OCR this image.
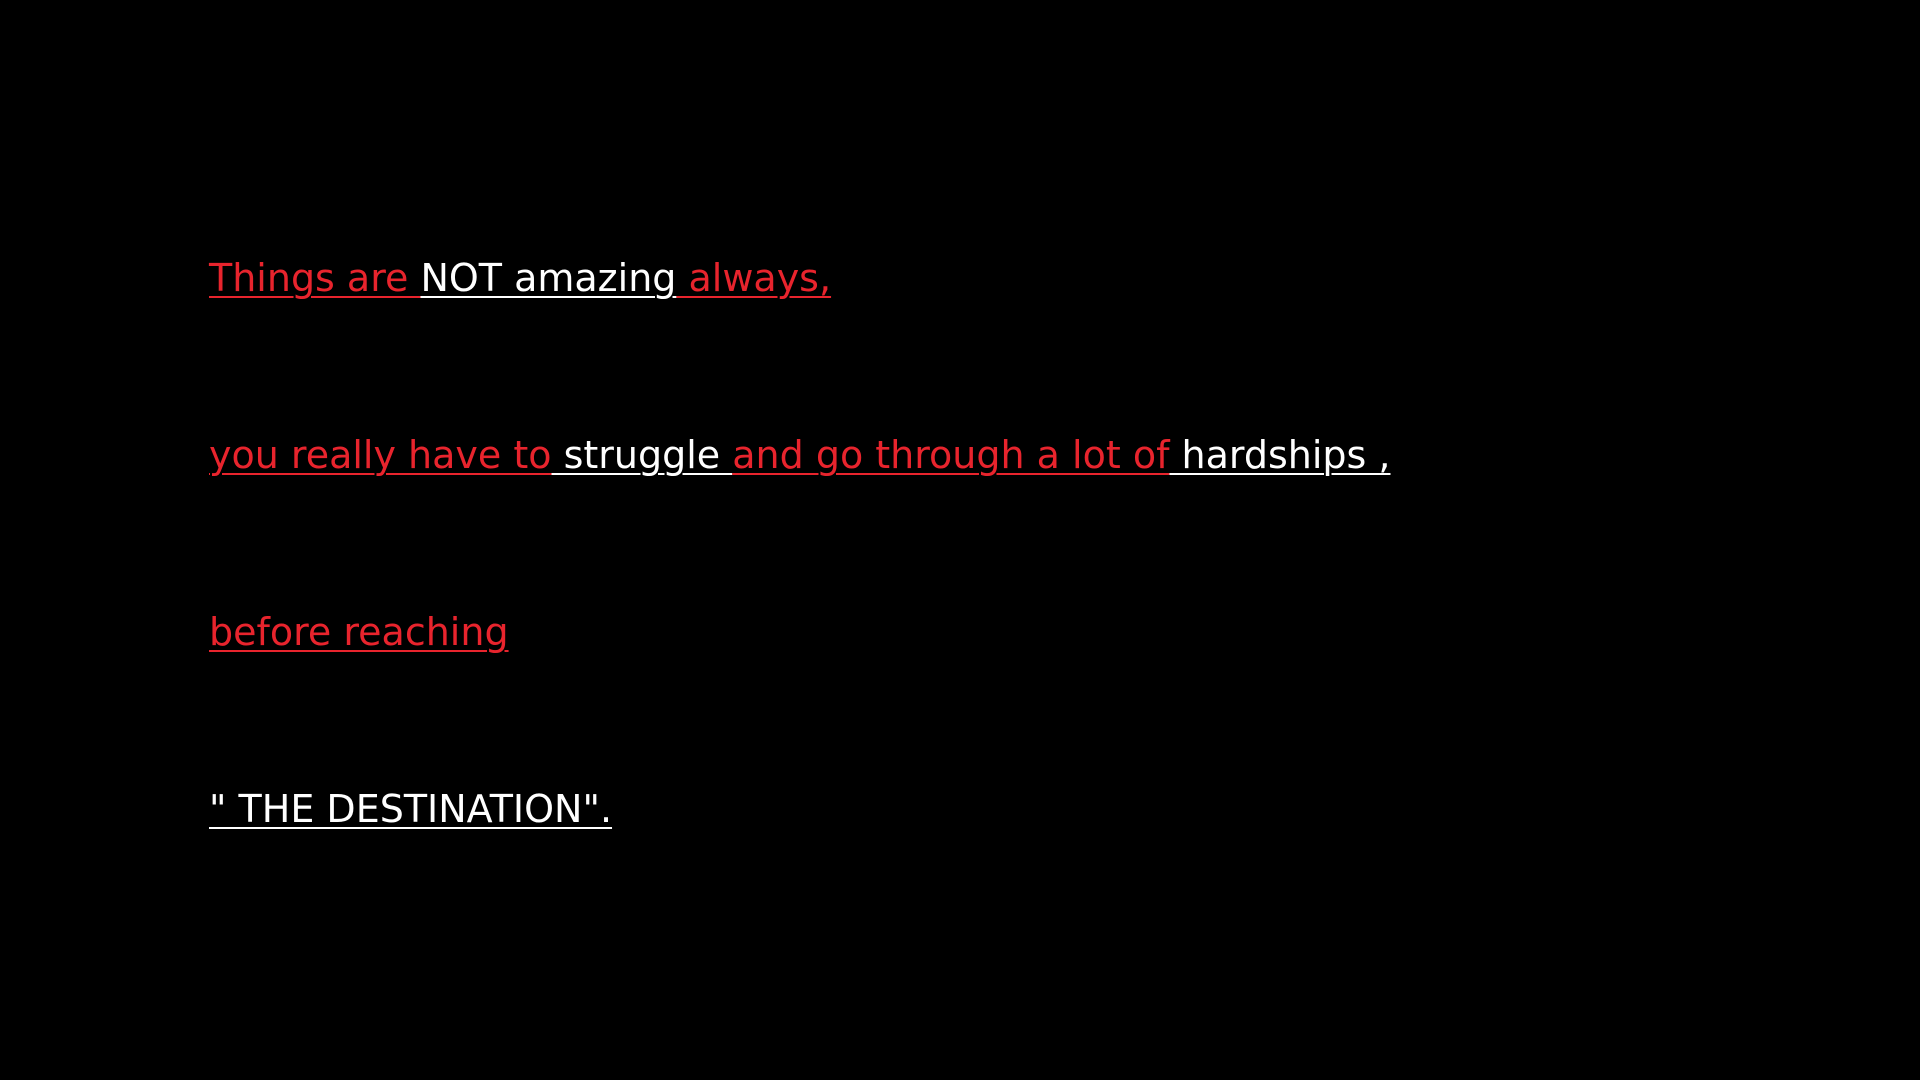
Things are NOT amazing always,

you really have to struggle and go through a lot of hardships ,

before reaching

" THE DESTINATION".
